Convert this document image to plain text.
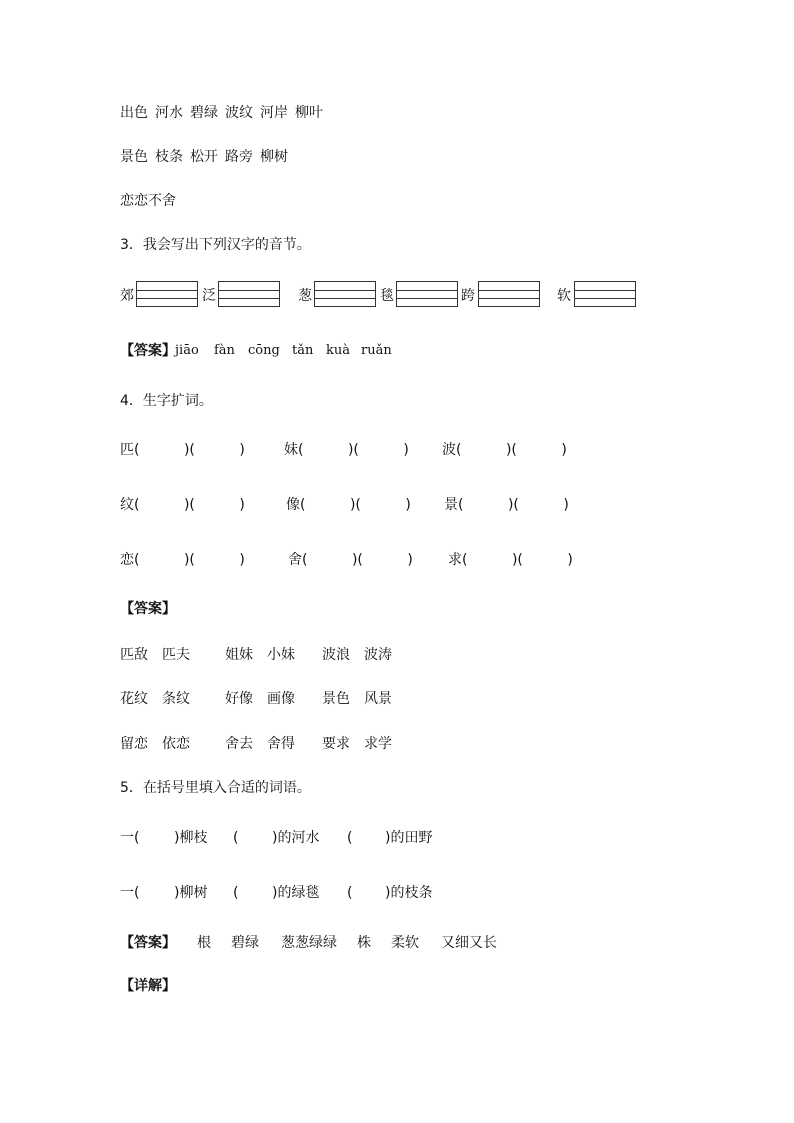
出色 河水 碧绿 波纹 河岸 柳叶
景色 枝条 松开 路旁 柳树
恋恋不舍
3．我会写出下列汉字的音节。
郊	泛	葱	毯	跨	软
【答案】 jiāo fàn cōng tǎn kuà ruǎn
4．生字扩词。
匹(          )(          )	妹(          )(          ) 波(          )(          )
纹(          )(          )	像(          )(          ) 景(          )(          )
恋(          )(          )	舍(          )(          )	求(          )(          )
【答案】
匹敌 匹夫	姐妹 小妹 波浪 波涛
花纹 条纹	好像 画像 景色 风景
留恋 依恋	舍去 舍得 要求 求学
5．在括号里填入合适的词语。
一( )柳枝 ( )的河水 ( )的田野
一( )柳树 ( )的绿毯 ( )的枝条
【答案】 根 碧绿 葱葱绿绿 株 柔软 又细又长
【详解】
